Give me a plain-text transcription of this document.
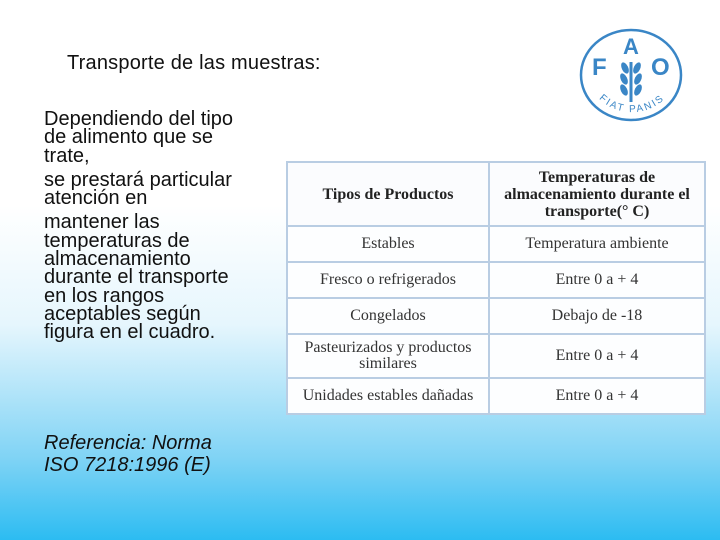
Transporte de las muestras:
Dependiendo del tipo
de alimento que se
trate,
se prestará particular
atención en
mantener las
temperaturas de
almacenamiento
durante el transporte
en los rangos
aceptables según
figura en el cuadro.
Referencia: Norma
ISO 7218:1996 (E)
F
A
O
FIAT PANIS
Tipos de Productos	Temperaturas de almacenamiento durante el transporte(° C)
Estables	Temperatura ambiente
Fresco o refrigerados	Entre 0 a + 4
Congelados	Debajo de -18
Pasteurizados y productos similares	Entre 0 a + 4
Unidades estables dañadas	Entre 0 a + 4
